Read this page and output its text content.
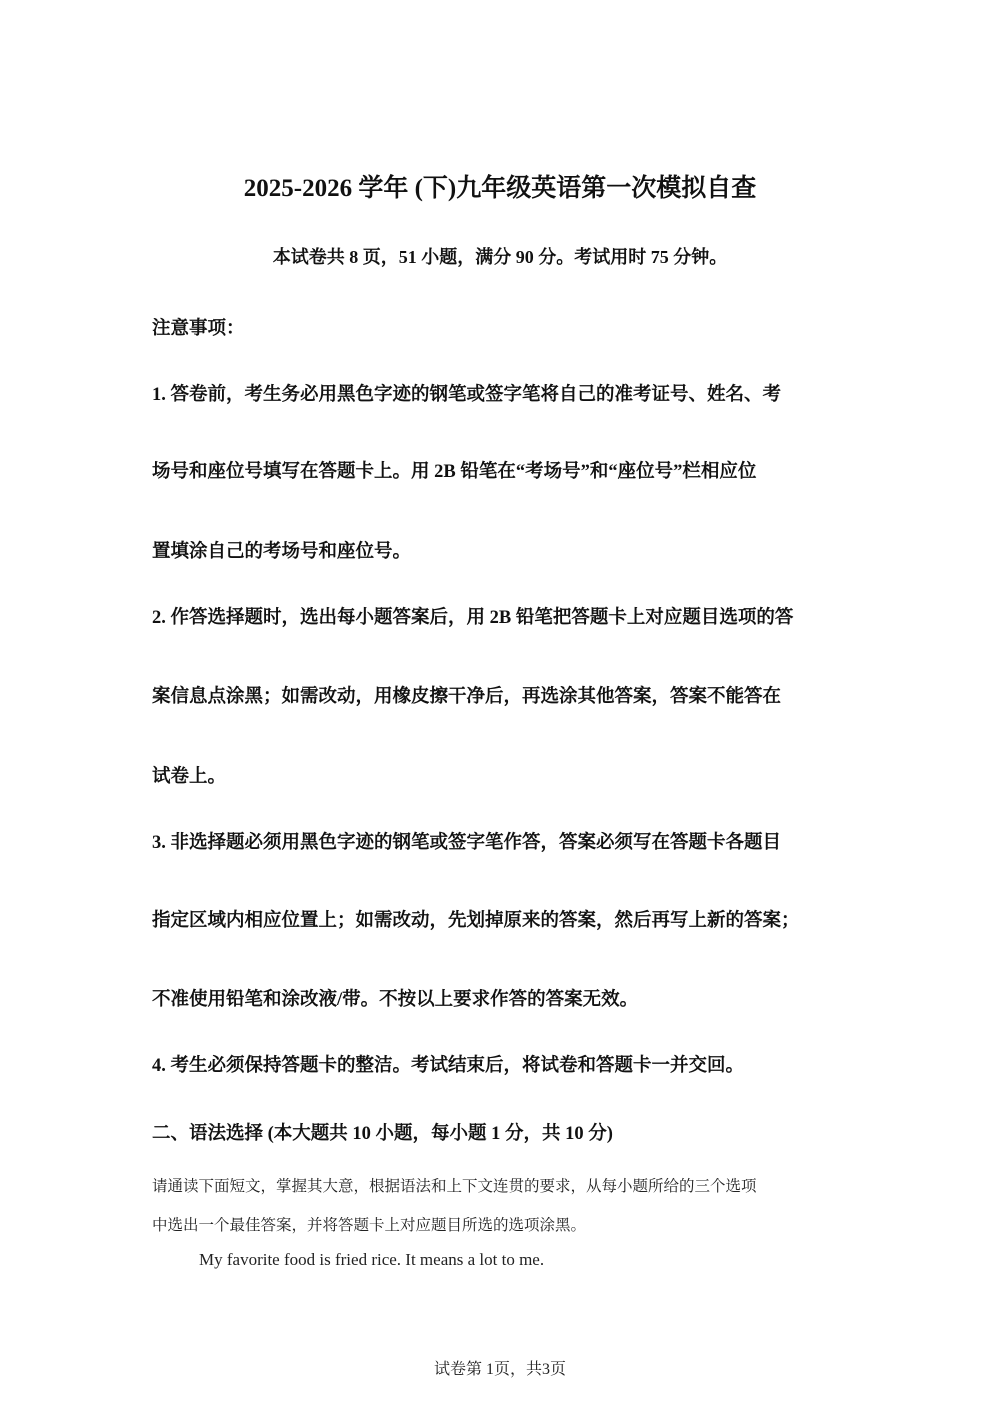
2025-2026 学年 (下)九年级英语第一次模拟自查
本试卷共 8 页，51 小题，满分 90 分。考试用时 75 分钟。
注意事项：
1. 答卷前，考生务必用黑色字迹的钢笔或签字笔将自己的准考证号、姓名、考
场号和座位号填写在答题卡上。用 2B 铅笔在“考场号”和“座位号”栏相应位
置填涂自己的考场号和座位号。
2. 作答选择题时，选出每小题答案后，用 2B 铅笔把答题卡上对应题目选项的答
案信息点涂黑；如需改动，用橡皮擦干净后，再选涂其他答案，答案不能答在
试卷上。
3. 非选择题必须用黑色字迹的钢笔或签字笔作答，答案必须写在答题卡各题目
指定区域内相应位置上；如需改动，先划掉原来的答案，然后再写上新的答案；
不准使用铅笔和涂改液/带。不按以上要求作答的答案无效。
4. 考生必须保持答题卡的整洁。考试结束后，将试卷和答题卡一并交回。
二、语法选择 (本大题共 10 小题，每小题 1 分，共 10 分)
请通读下面短文，掌握其大意，根据语法和上下文连贯的要求，从每小题所给的三个选项
中选出一个最佳答案，并将答题卡上对应题目所选的选项涂黑。
My favorite food is fried rice. It means a lot to me.
试卷第 1页，共3页
